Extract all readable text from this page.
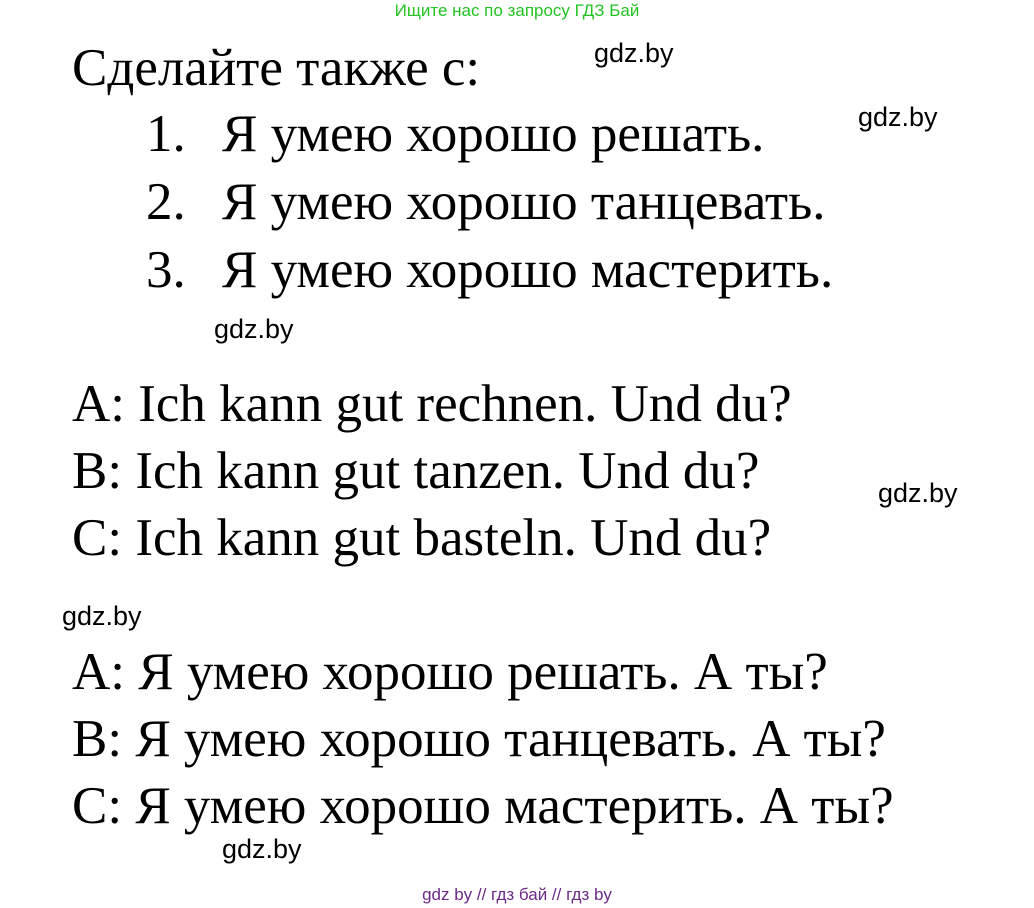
Ищите нас по запросу ГДЗ Бай
Сделайте также с:
1. Я умею хорошо решать.
2. Я умею хорошо танцевать.
3. Я умею хорошо мастерить.
A: Ich kann gut rechnen. Und du?
B: Ich kann gut tanzen. Und du?
C: Ich kann gut basteln. Und du?
A: Я умею хорошо решать. А ты?
B: Я умею хорошо танцевать. А ты?
C: Я умею хорошо мастерить. А ты?
gdz.by
gdz.by
gdz.by
gdz.by
gdz.by
gdz.by
gdz by // гдз бай // гдз by
